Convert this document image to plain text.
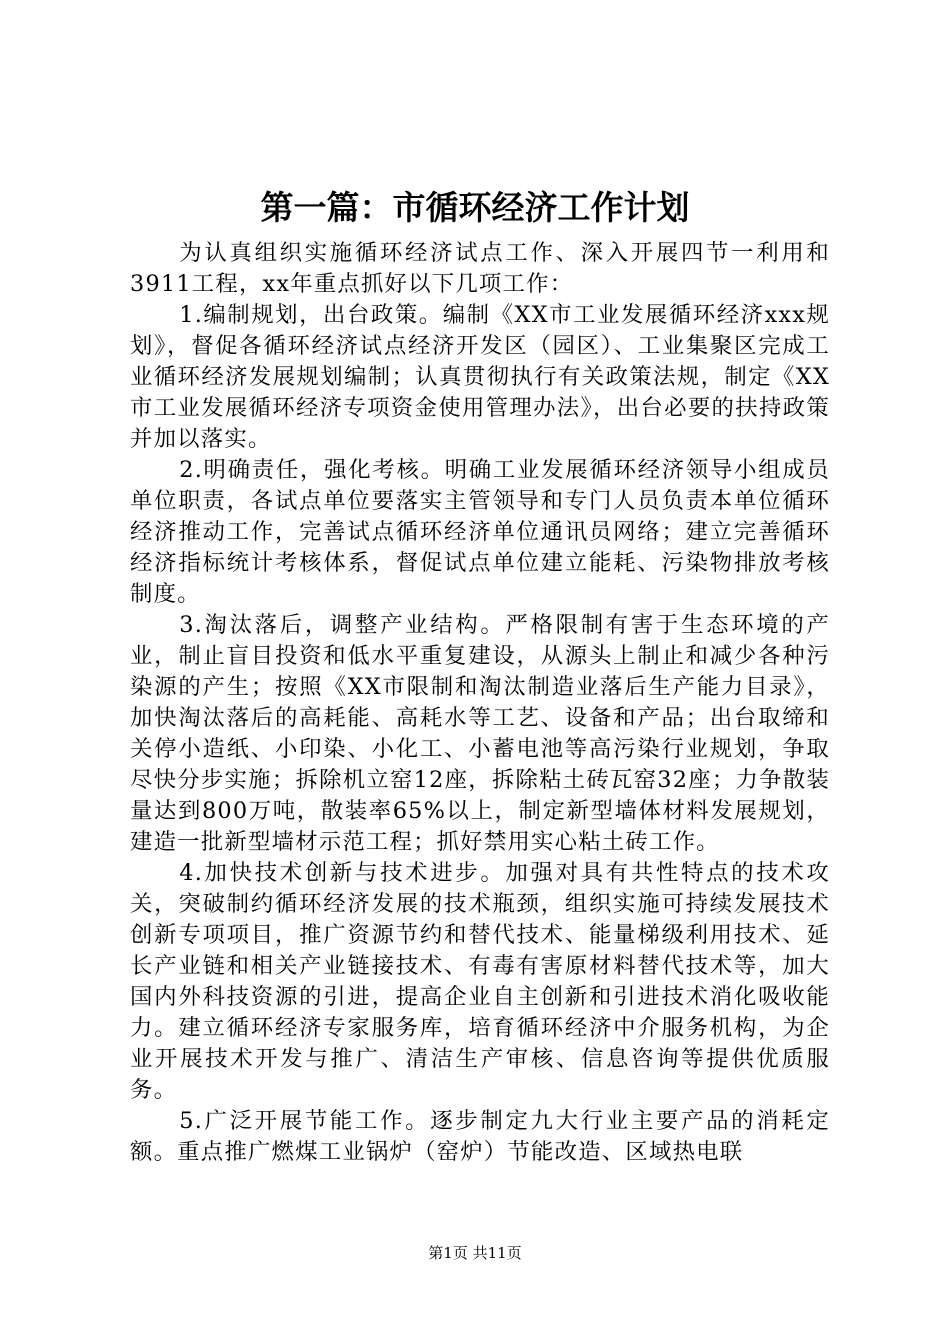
第一篇：市循环经济工作计划

为认真组织实施循环经济试点工作、深入开展四节一利用和3911工程，xx年重点抓好以下几项工作：

1.编制规划，出台政策。编制《XX市工业发展循环经济xxx规划》，督促各循环经济试点经济开发区（园区）、工业集聚区完成工业循环经济发展规划编制；认真贯彻执行有关政策法规，制定《XX市工业发展循环经济专项资金使用管理办法》，出台必要的扶持政策并加以落实。

2.明确责任，强化考核。明确工业发展循环经济领导小组成员单位职责，各试点单位要落实主管领导和专门人员负责本单位循环经济推动工作，完善试点循环经济单位通讯员网络；建立完善循环经济指标统计考核体系，督促试点单位建立能耗、污染物排放考核制度。

3.淘汰落后，调整产业结构。严格限制有害于生态环境的产业，制止盲目投资和低水平重复建设，从源头上制止和减少各种污染源的产生；按照《XX市限制和淘汰制造业落后生产能力目录》，加快淘汰落后的高耗能、高耗水等工艺、设备和产品；出台取缔和关停小造纸、小印染、小化工、小蓄电池等高污染行业规划，争取尽快分步实施；拆除机立窑12座，拆除粘土砖瓦窑32座；力争散装量达到800万吨，散装率65%以上，制定新型墙体材料发展规划，建造一批新型墙材示范工程；抓好禁用实心粘土砖工作。

4.加快技术创新与技术进步。加强对具有共性特点的技术攻关，突破制约循环经济发展的技术瓶颈，组织实施可持续发展技术创新专项项目，推广资源节约和替代技术、能量梯级利用技术、延长产业链和相关产业链接技术、有毒有害原材料替代技术等，加大国内外科技资源的引进，提高企业自主创新和引进技术消化吸收能力。建立循环经济专家服务库，培育循环经济中介服务机构，为企业开展技术开发与推广、清洁生产审核、信息咨询等提供优质服务。

5.广泛开展节能工作。逐步制定九大行业主要产品的消耗定额。重点推广燃煤工业锅炉（窑炉）节能改造、区域热电联

第1页 共11页
